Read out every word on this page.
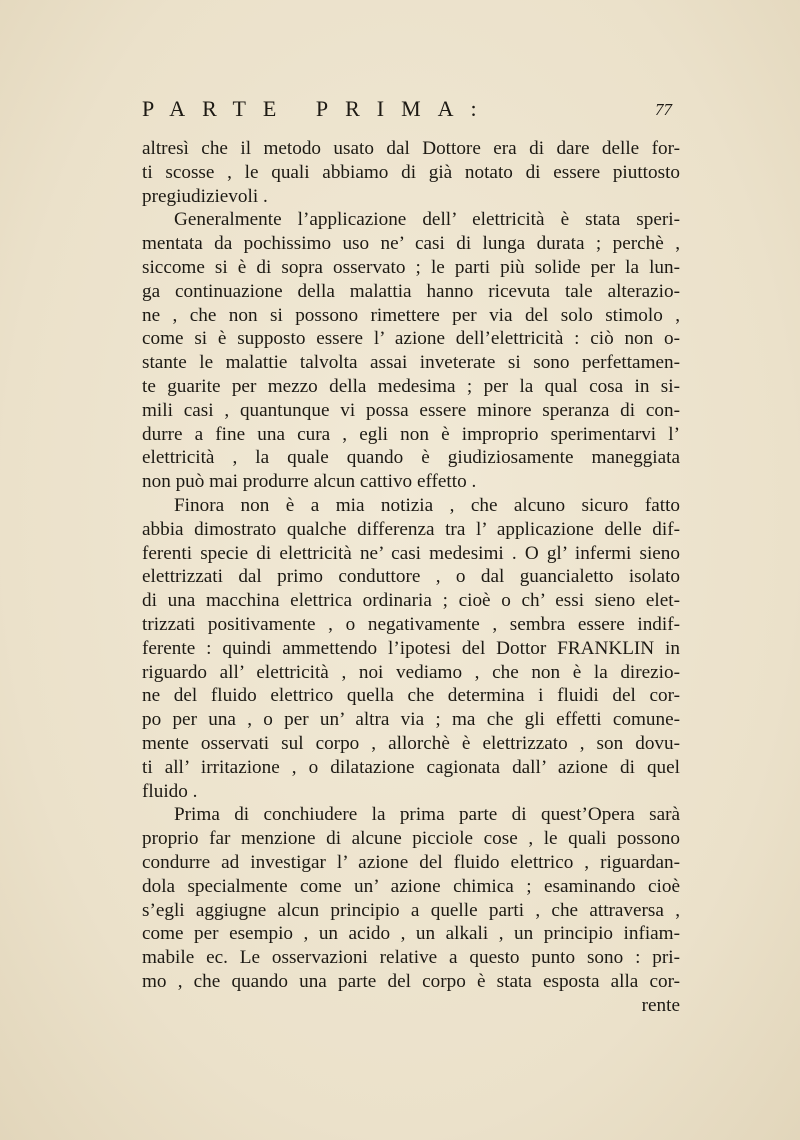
PARTE PRIMA:	77
altresì che il metodo usato dal Dottore era di dare delle for-
ti scosse , le quali abbiamo di già notato di essere piuttosto
pregiudizievoli .
Generalmente l’applicazione dell’ elettricità è stata speri-
mentata da pochissimo uso ne’ casi di lunga durata ; perchè ,
siccome si è di sopra osservato ; le parti più solide per la lun-
ga continuazione della malattia hanno ricevuta tale alterazio-
ne , che non si possono rimettere per via del solo stimolo ,
come si è supposto essere l’ azione dell’elettricità : ciò non o-
stante le malattie talvolta assai inveterate si sono perfettamen-
te guarite per mezzo della medesima ; per la qual cosa in si-
mili casi , quantunque vi possa essere minore speranza di con-
durre a fine una cura , egli non è improprio sperimentarvi l’
elettricità , la quale quando è giudiziosamente maneggiata
non può mai produrre alcun cattivo effetto .
Finora non è a mia notizia , che alcuno sicuro fatto
abbia dimostrato qualche differenza tra l’ applicazione delle dif-
ferenti specie di elettricità ne’ casi medesimi . O gl’ infermi sieno
elettrizzati dal primo conduttore , o dal guancialetto isolato
di una macchina elettrica ordinaria ; cioè o ch’ essi sieno elet-
trizzati positivamente , o negativamente , sembra essere indif-
ferente : quindi ammettendo l’ipotesi del Dottor FRANKLIN in
riguardo all’ elettricità , noi vediamo , che non è la direzio-
ne del fluido elettrico quella che determina i fluidi del cor-
po per una , o per un’ altra via ; ma che gli effetti comune-
mente osservati sul corpo , allorchè è elettrizzato , son dovu-
ti all’ irritazione , o dilatazione cagionata dall’ azione di quel
fluido .
Prima di conchiudere la prima parte di quest’Opera sarà
proprio far menzione di alcune picciole cose , le quali possono
condurre ad investigar l’ azione del fluido elettrico , riguardan-
dola specialmente come un’ azione chimica ; esaminando cioè
s’egli aggiugne alcun principio a quelle parti , che attraversa ,
come per esempio , un acido , un alkali , un principio infiam-
mabile ec. Le osservazioni relative a questo punto sono : pri-
mo , che quando una parte del corpo è stata esposta alla cor-
rente
